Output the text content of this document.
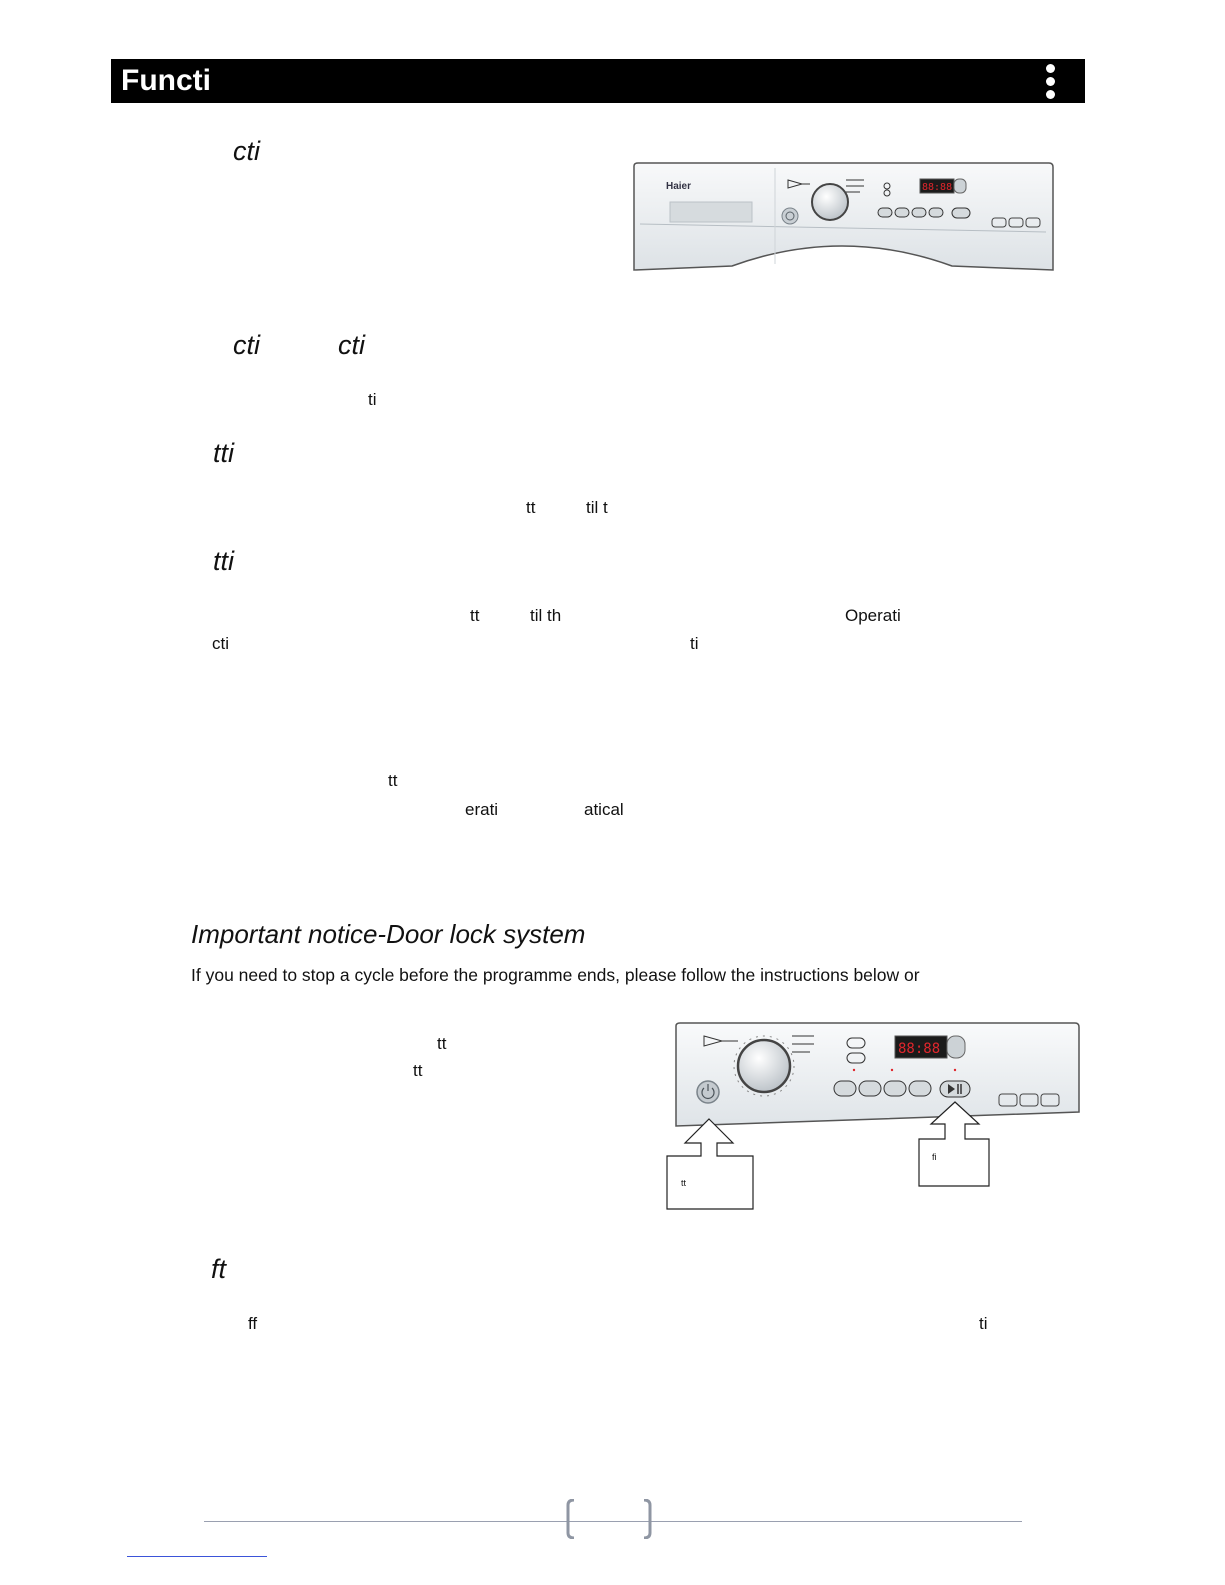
Functi
cti
cti	cti
ti
tti
tt	til t
tti
tt	til th	Operati
cti	ti
tt
erati	atical
Important notice-Door lock system
If you need to stop a cycle before the programme ends, please follow the instructions below or
tt
tt
ft
ff	ti
Haier	88:88
88:88
tt
fi
